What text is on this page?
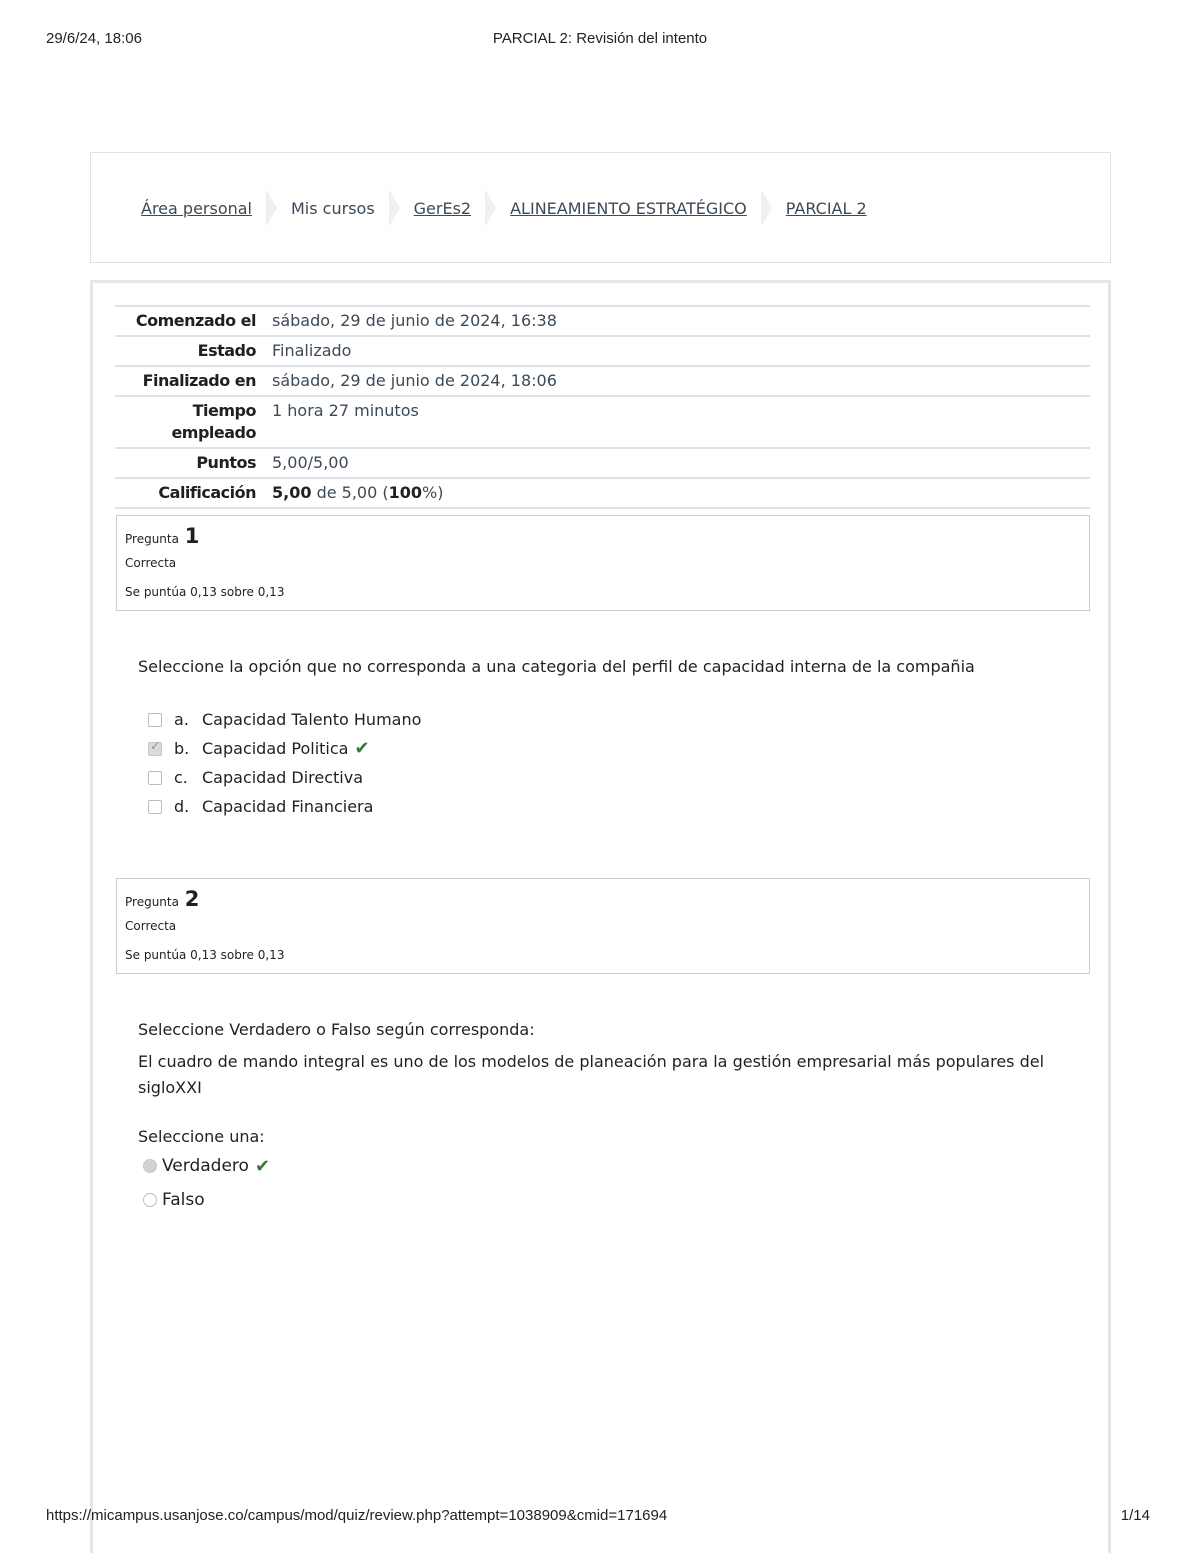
29/6/24, 18:06	PARCIAL 2: Revisión del intento
Área personal Mis cursos GerEs2 ALINEAMIENTO ESTRATÉGICO PARCIAL 2
Comenzado el	sábado, 29 de junio de 2024, 16:38
Estado	Finalizado
Finalizado en	sábado, 29 de junio de 2024, 18:06
Tiempo
empleado	1 hora 27 minutos
Puntos	5,00/5,00
Calificación	5,00 de 5,00 (100%)
Pregunta 1
Correcta
Se puntúa 0,13 sobre 0,13
Seleccione la opción que no corresponda a una categoria del perfil de capacidad interna de la compañia
a. Capacidad Talento Humano
✓
b. Capacidad Politica ✔
c. Capacidad Directiva
d. Capacidad Financiera
Pregunta 2
Correcta
Se puntúa 0,13 sobre 0,13
Seleccione Verdadero o Falso según corresponda:
El cuadro de mando integral es uno de los modelos de planeación para la gestión empresarial más populares del sigloXXI
Seleccione una:
Verdadero ✔
Falso
https://micampus.usanjose.co/campus/mod/quiz/review.php?attempt=1038909&cmid=171694	1/14
